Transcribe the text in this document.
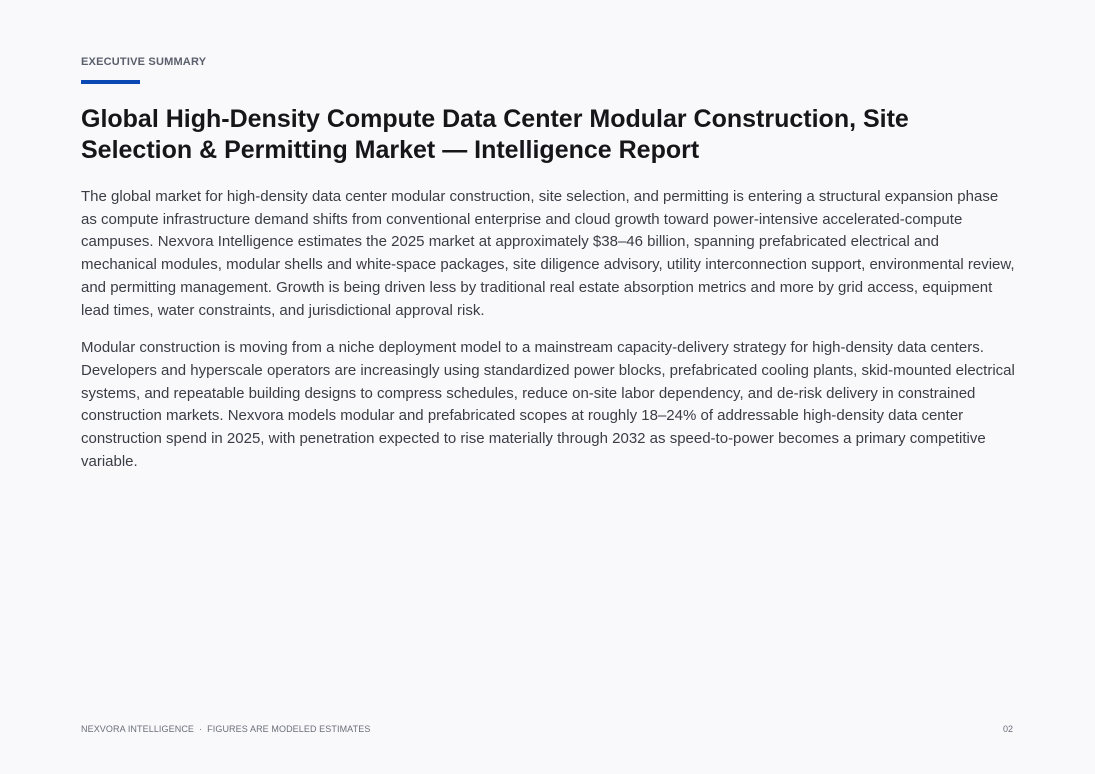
EXECUTIVE SUMMARY
Global High-Density Compute Data Center Modular Construction, Site Selection & Permitting Market — Intelligence Report

The global market for high-density data center modular construction, site selection, and permitting is entering a structural expansion phase as compute infrastructure demand shifts from conventional enterprise and cloud growth toward power-intensive accelerated-compute campuses. Nexvora Intelligence estimates the 2025 market at approximately $38–46 billion, spanning prefabricated electrical and mechanical modules, modular shells and white-space packages, site diligence advisory, utility interconnection support, environmental review, and permitting management. Growth is being driven less by traditional real estate absorption metrics and more by grid access, equipment lead times, water constraints, and jurisdictional approval risk.

Modular construction is moving from a niche deployment model to a mainstream capacity-delivery strategy for high-density data centers. Developers and hyperscale operators are increasingly using standardized power blocks, prefabricated cooling plants, skid-mounted electrical systems, and repeatable building designs to compress schedules, reduce on-site labor dependency, and de-risk delivery in constrained construction markets. Nexvora models modular and prefabricated scopes at roughly 18–24% of addressable high-density data center construction spend in 2025, with penetration expected to rise materially through 2032 as speed-to-power becomes a primary competitive variable.

NEXVORA INTELLIGENCE · FIGURES ARE MODELED ESTIMATES	02
